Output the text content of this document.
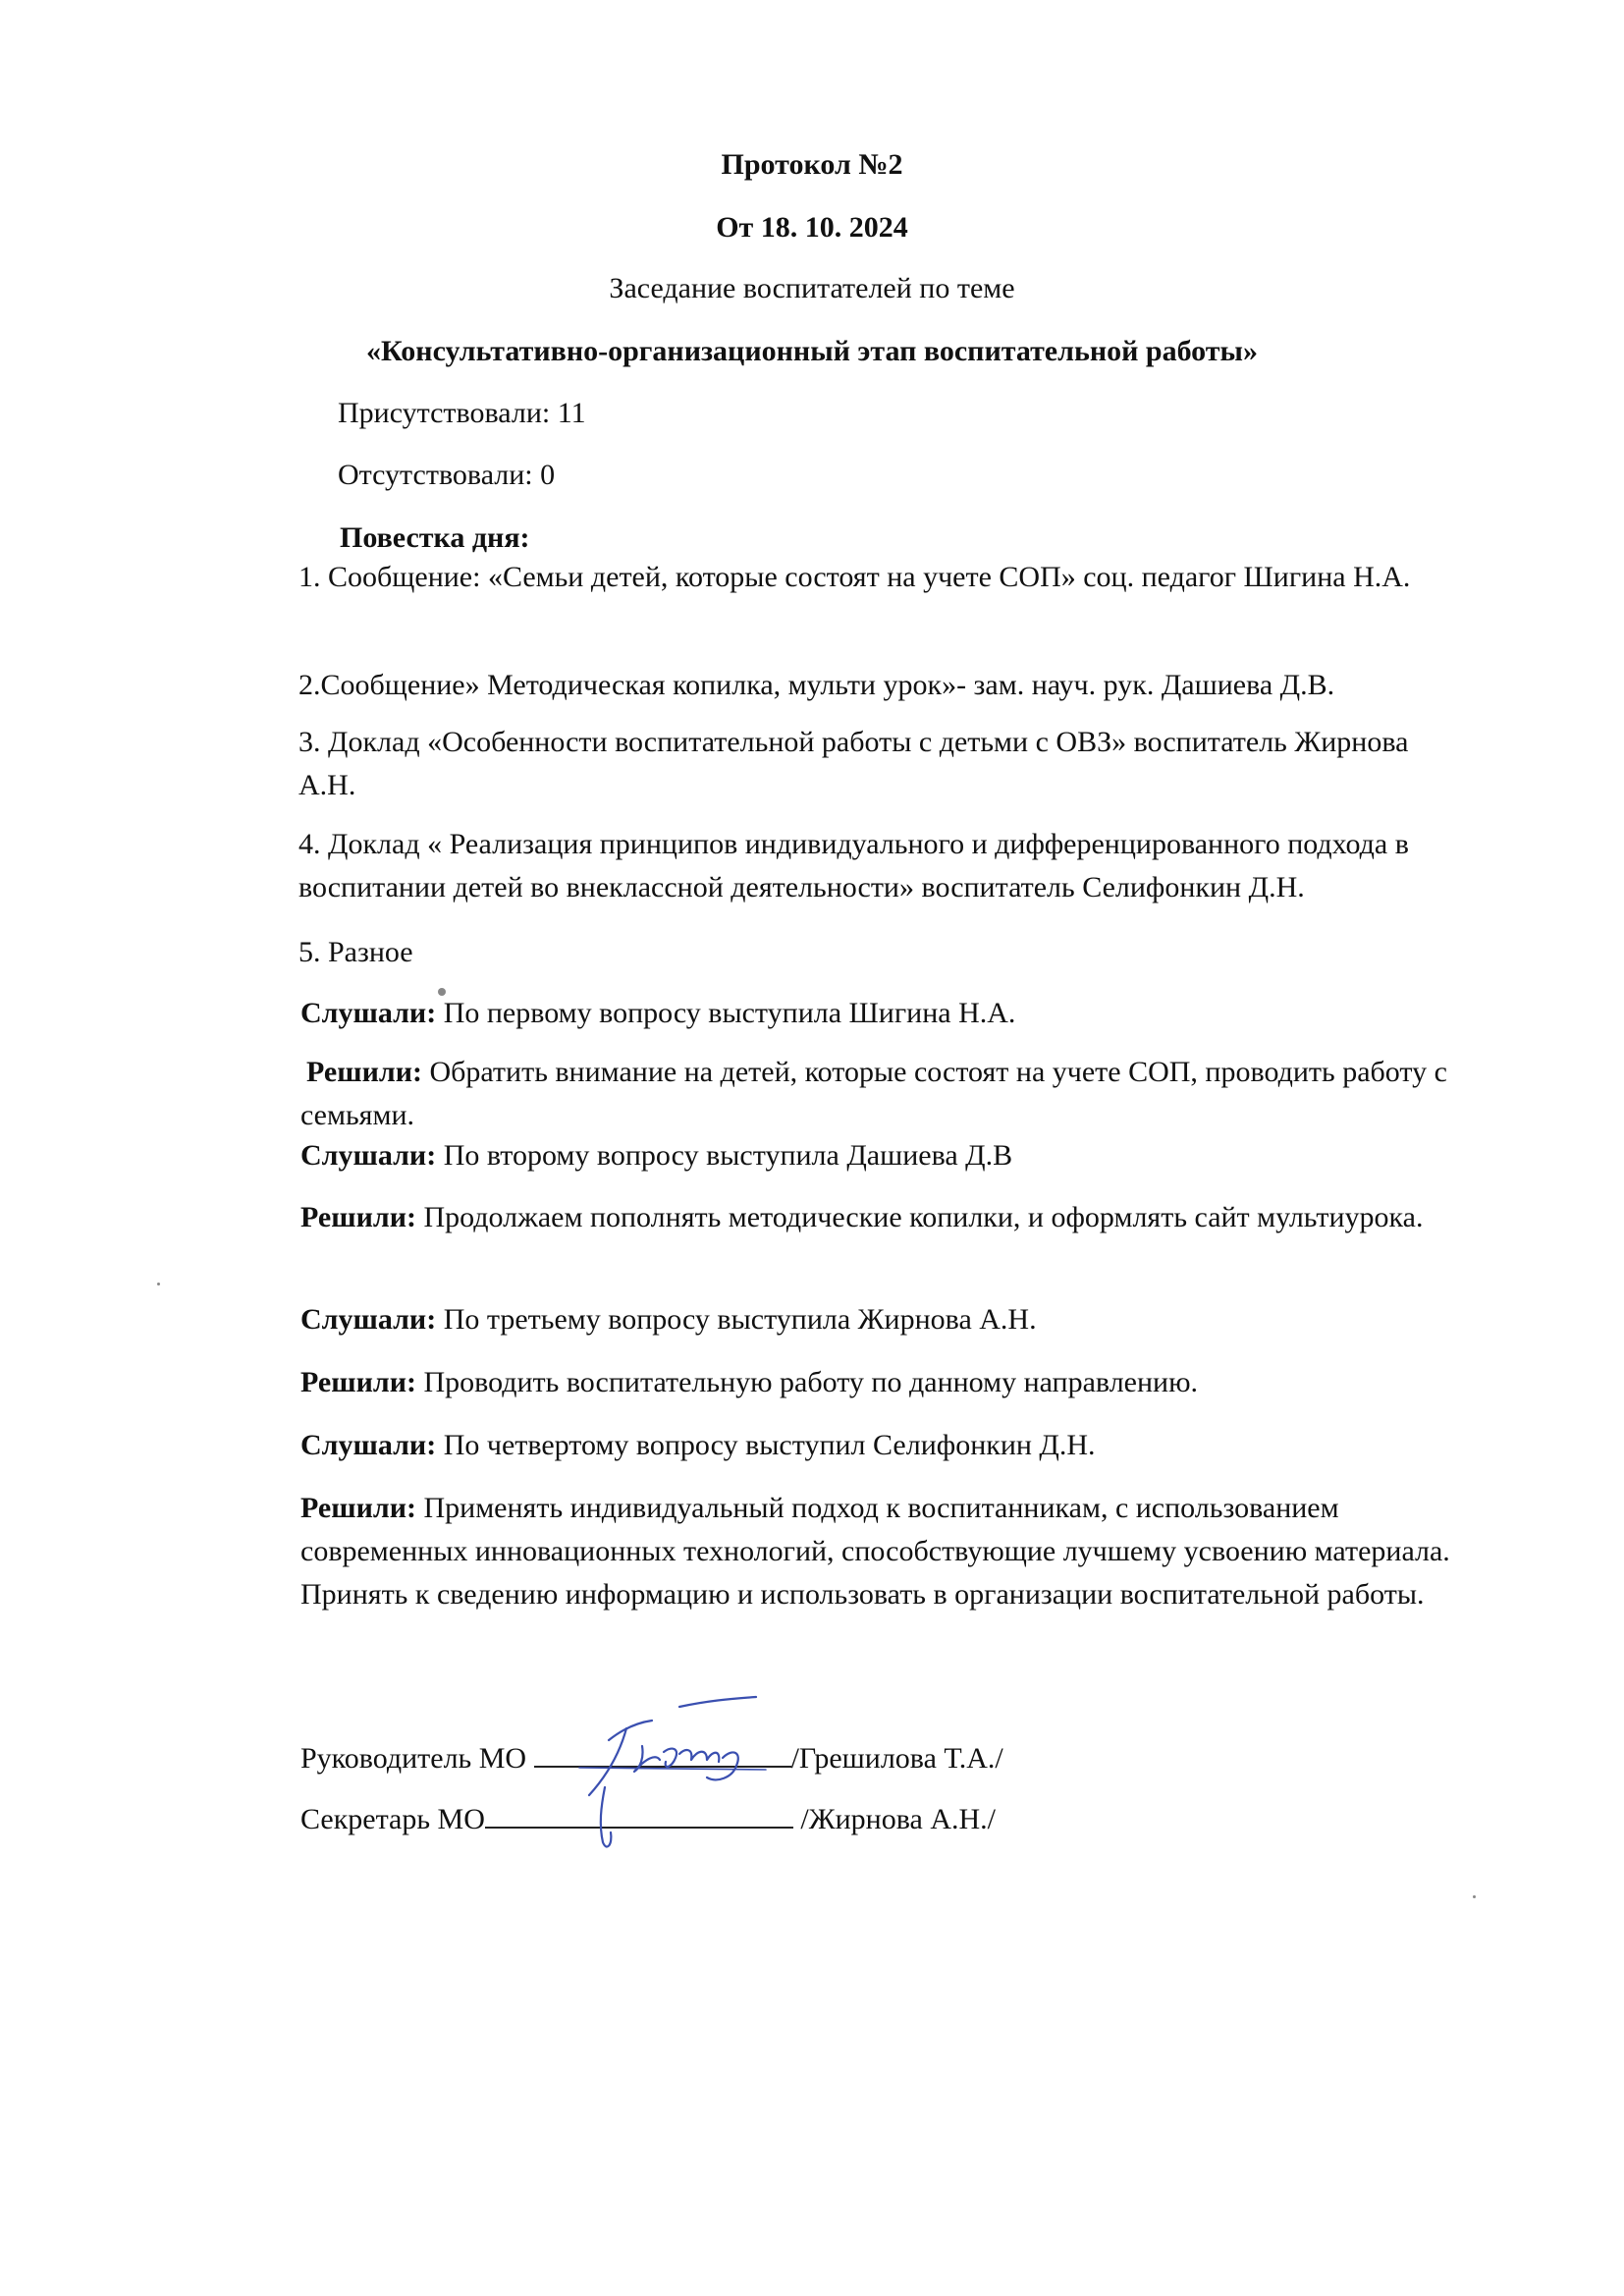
Протокол №2
От 18. 10. 2024
Заседание воспитателей по теме
«Консультативно-организационный этап воспитательной работы»
Присутствовали: 11
Отсутствовали: 0
Повестка дня:
1. Сообщение: «Семьи детей, которые состоят на учете СОП» соц. педагог Шигина Н.А.
2.Сообщение» Методическая копилка, мульти урок»- зам. науч. рук. Дашиева Д.В.
3. Доклад «Особенности воспитательной работы с детьми с ОВЗ» воспитатель Жирнова А.Н.
4. Доклад « Реализация принципов индивидуального и дифференцированного подхода в воспитании детей во внеклассной деятельности» воспитатель Селифонкин Д.Н.
5. Разное
Слушали: По первому вопросу выступила Шигина Н.А.
Решили: Обратить внимание на детей, которые состоят на учете СОП, проводить работу с семьями.
Слушали: По второму вопросу выступила Дашиева Д.В
Решили: Продолжаем пополнять методические копилки, и оформлять сайт мультиурока.
Слушали: По третьему вопросу выступила Жирнова А.Н.
Решили: Проводить воспитательную работу по данному направлению.
Слушали: По четвертому вопросу выступил Селифонкин Д.Н.
Решили: Применять индивидуальный подход к воспитанникам, с использованием современных инновационных технологий, способствующие лучшему усвоению материала. Принять к сведению информацию и использовать в организации воспитательной работы.
Руководитель МО	/Грешилова Т.А./
Секретарь МО	/Жирнова А.Н./
Греш
